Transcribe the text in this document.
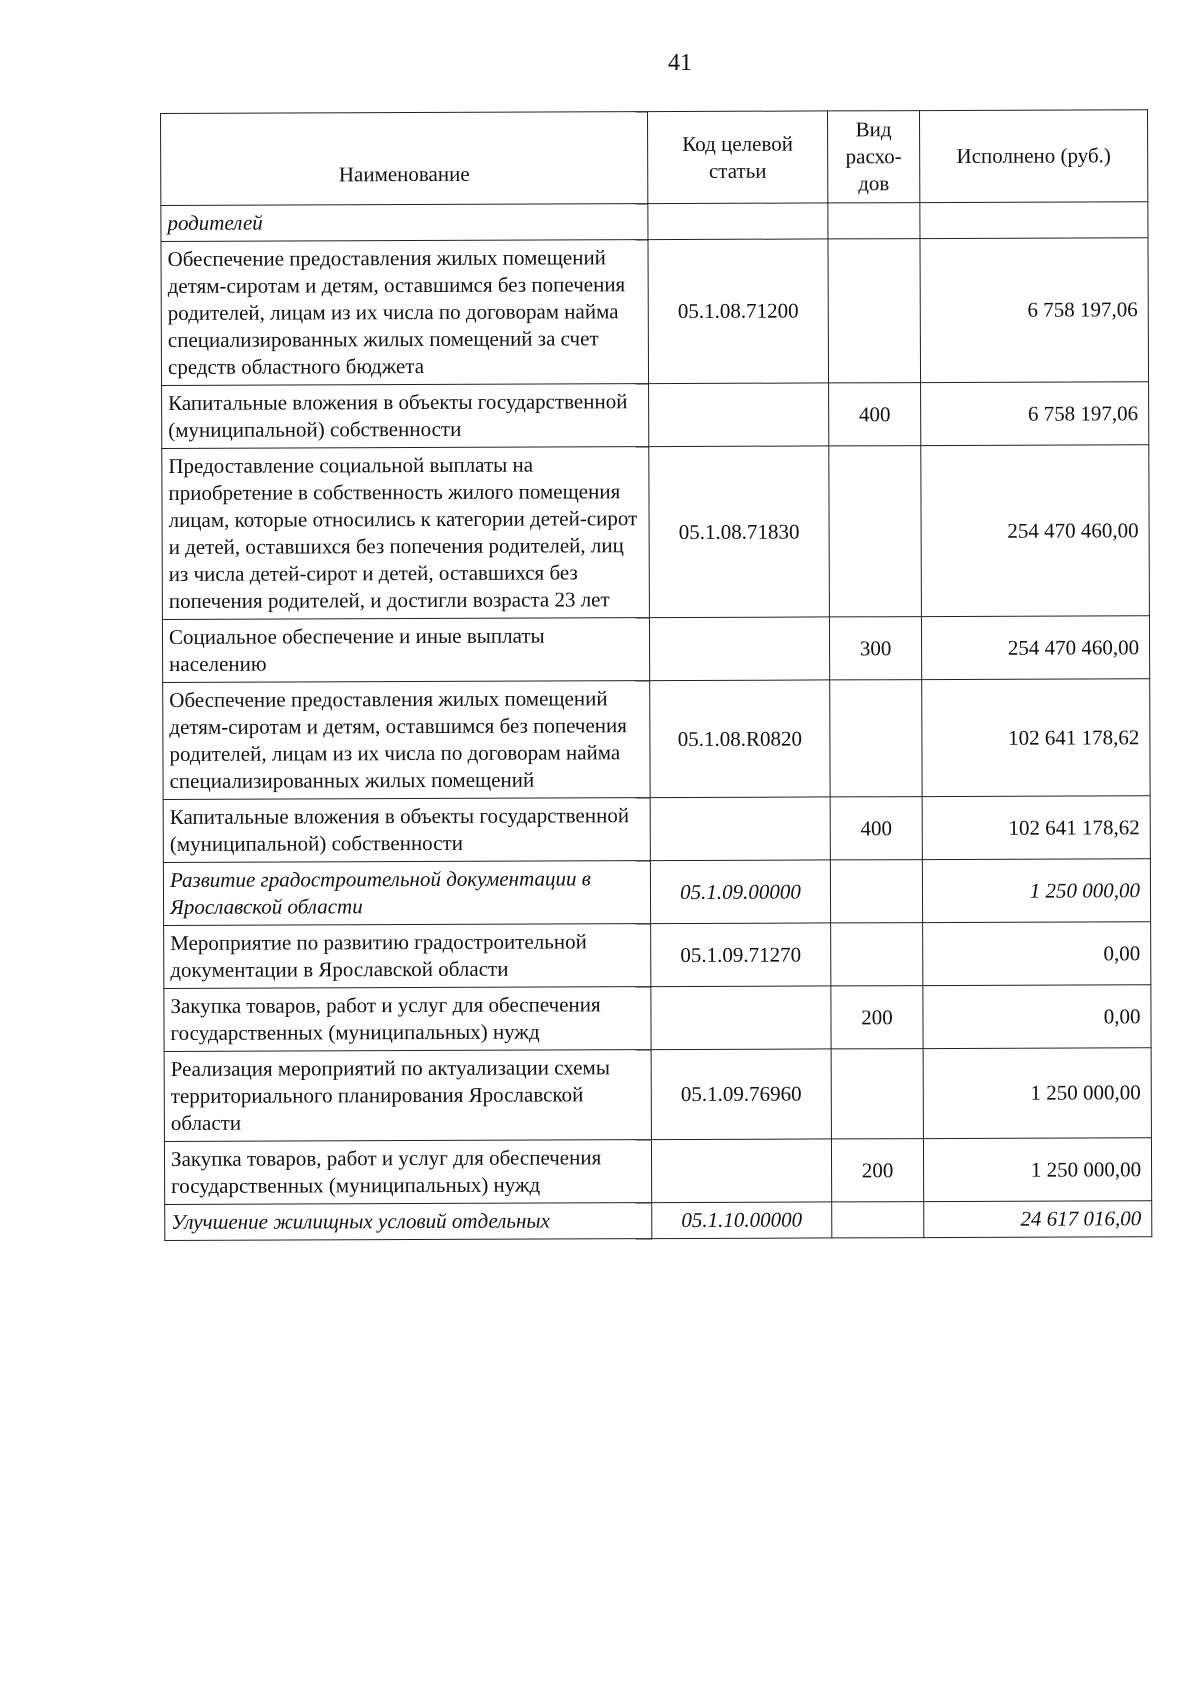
41
Наименование	Код целевой статьи	Вид расхо- дов	Исполнено (руб.)
родителей			
Обеспечение предоставления жилых помещений детям-сиротам и детям, оставшимся без попечения родителей, лицам из их числа по договорам найма специализированных жилых помещений за счет средств областного бюджета	05.1.08.71200		6 758 197,06
Капитальные вложения в объекты государственной (муниципальной) собственности		400	6 758 197,06
Предоставление социальной выплаты на приобретение в собственность жилого помещения лицам, которые относились к категории детей-сирот и детей, оставшихся без попечения родителей, лиц из числа детей-сирот и детей, оставшихся без попечения родителей, и достигли возраста 23 лет	05.1.08.71830		254 470 460,00
Социальное обеспечение и иные выплаты населению		300	254 470 460,00
Обеспечение предоставления жилых помещений детям-сиротам и детям, оставшимся без попечения родителей, лицам из их числа по договорам найма специализированных жилых помещений	05.1.08.R0820		102 641 178,62
Капитальные вложения в объекты государственной (муниципальной) собственности		400	102 641 178,62
Развитие градостроительной документации в Ярославской области	05.1.09.00000		1 250 000,00
Мероприятие по развитию градостроительной документации в Ярославской области	05.1.09.71270		0,00
Закупка товаров, работ и услуг для обеспечения государственных (муниципальных) нужд		200	0,00
Реализация мероприятий по актуализации схемы территориального планирования Ярославской области	05.1.09.76960		1 250 000,00
Закупка товаров, работ и услуг для обеспечения государственных (муниципальных) нужд		200	1 250 000,00
Улучшение жилищных условий отдельных	05.1.10.00000		24 617 016,00
